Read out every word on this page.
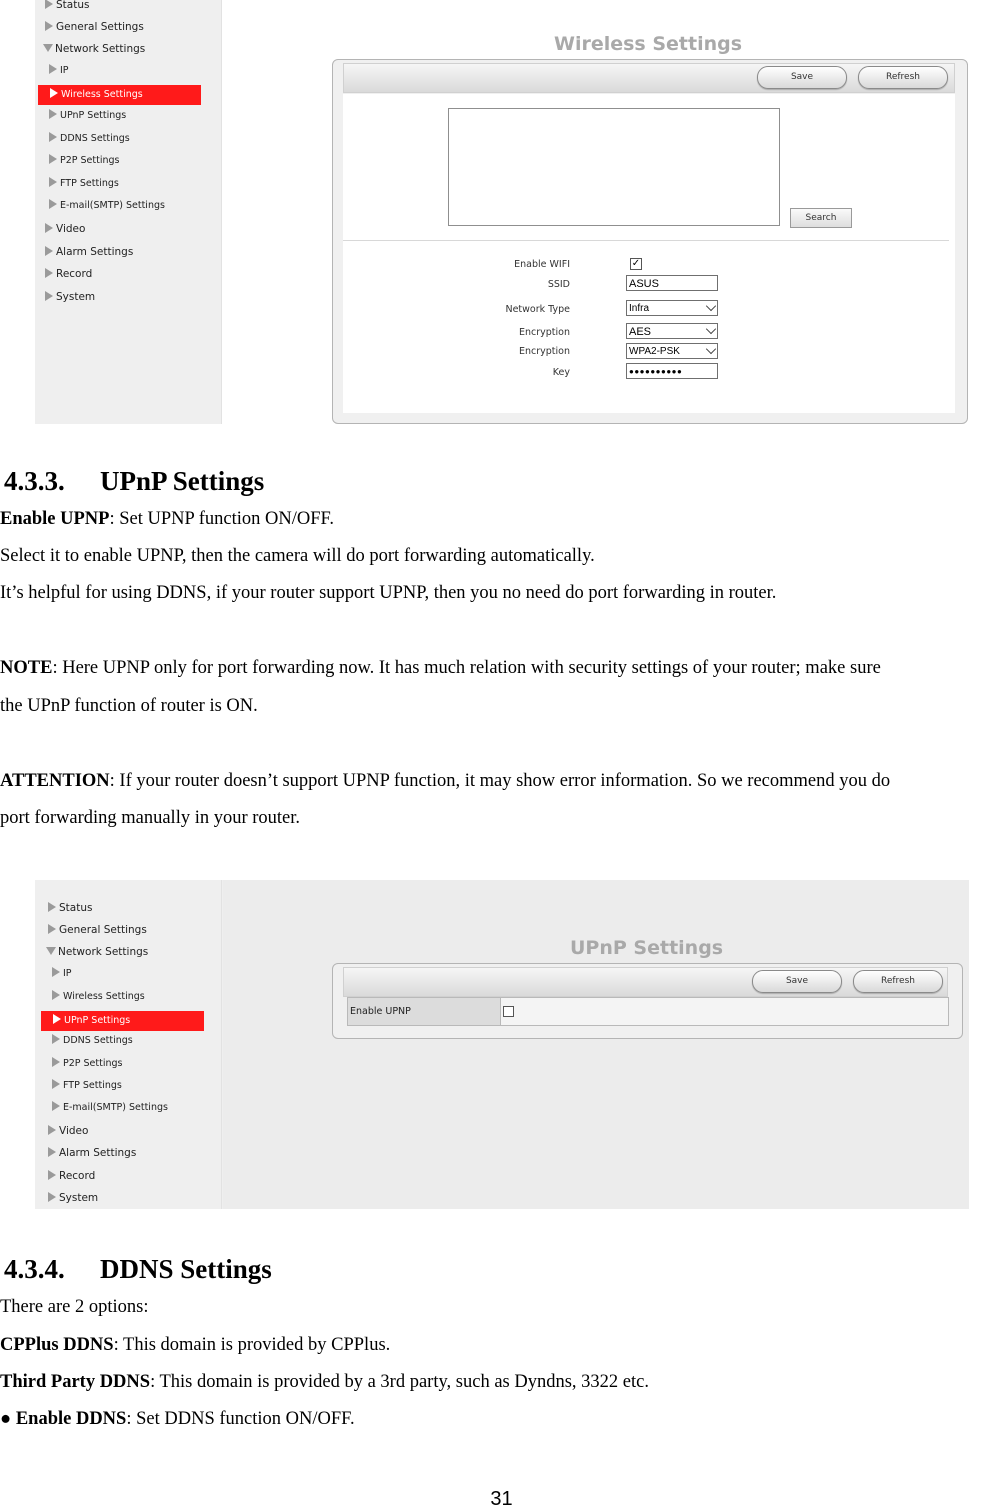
Status
General Settings
Network Settings
IP
Wireless Settings
UPnP Settings
DDNS Settings
P2P Settings
FTP Settings
E-mail(SMTP) Settings
Video
Alarm Settings
Record
System
Wireless Settings
Save	Refresh
Search
Enable WIFI	✓
SSID	ASUS
Network Type	Infra
Encryption	AES
Encryption	WPA2-PSK
Key	●●●●●●●●●●
4.3.3. UPnP Settings
Enable UPNP: Set UPNP function ON/OFF.
Select it to enable UPNP, then the camera will do port forwarding automatically.
It’s helpful for using DDNS, if your router support UPNP, then you no need do port forwarding in router.
NOTE: Here UPNP only for port forwarding now. It has much relation with security settings of your router; make sure
the UPnP function of router is ON.
ATTENTION: If your router doesn’t support UPNP function, it may show error information. So we recommend you do
port forwarding manually in your router.
Status
General Settings
Network Settings
IP
Wireless Settings
UPnP Settings
DDNS Settings
P2P Settings
FTP Settings
E-mail(SMTP) Settings
Video
Alarm Settings
Record
System
UPnP Settings
Save	Refresh
Enable UPNP
4.3.4. DDNS Settings
There are 2 options:
CPPlus DDNS: This domain is provided by CPPlus.
Third Party DDNS: This domain is provided by a 3rd party, such as Dyndns, 3322 etc.
● Enable DDNS: Set DDNS function ON/OFF.
31
